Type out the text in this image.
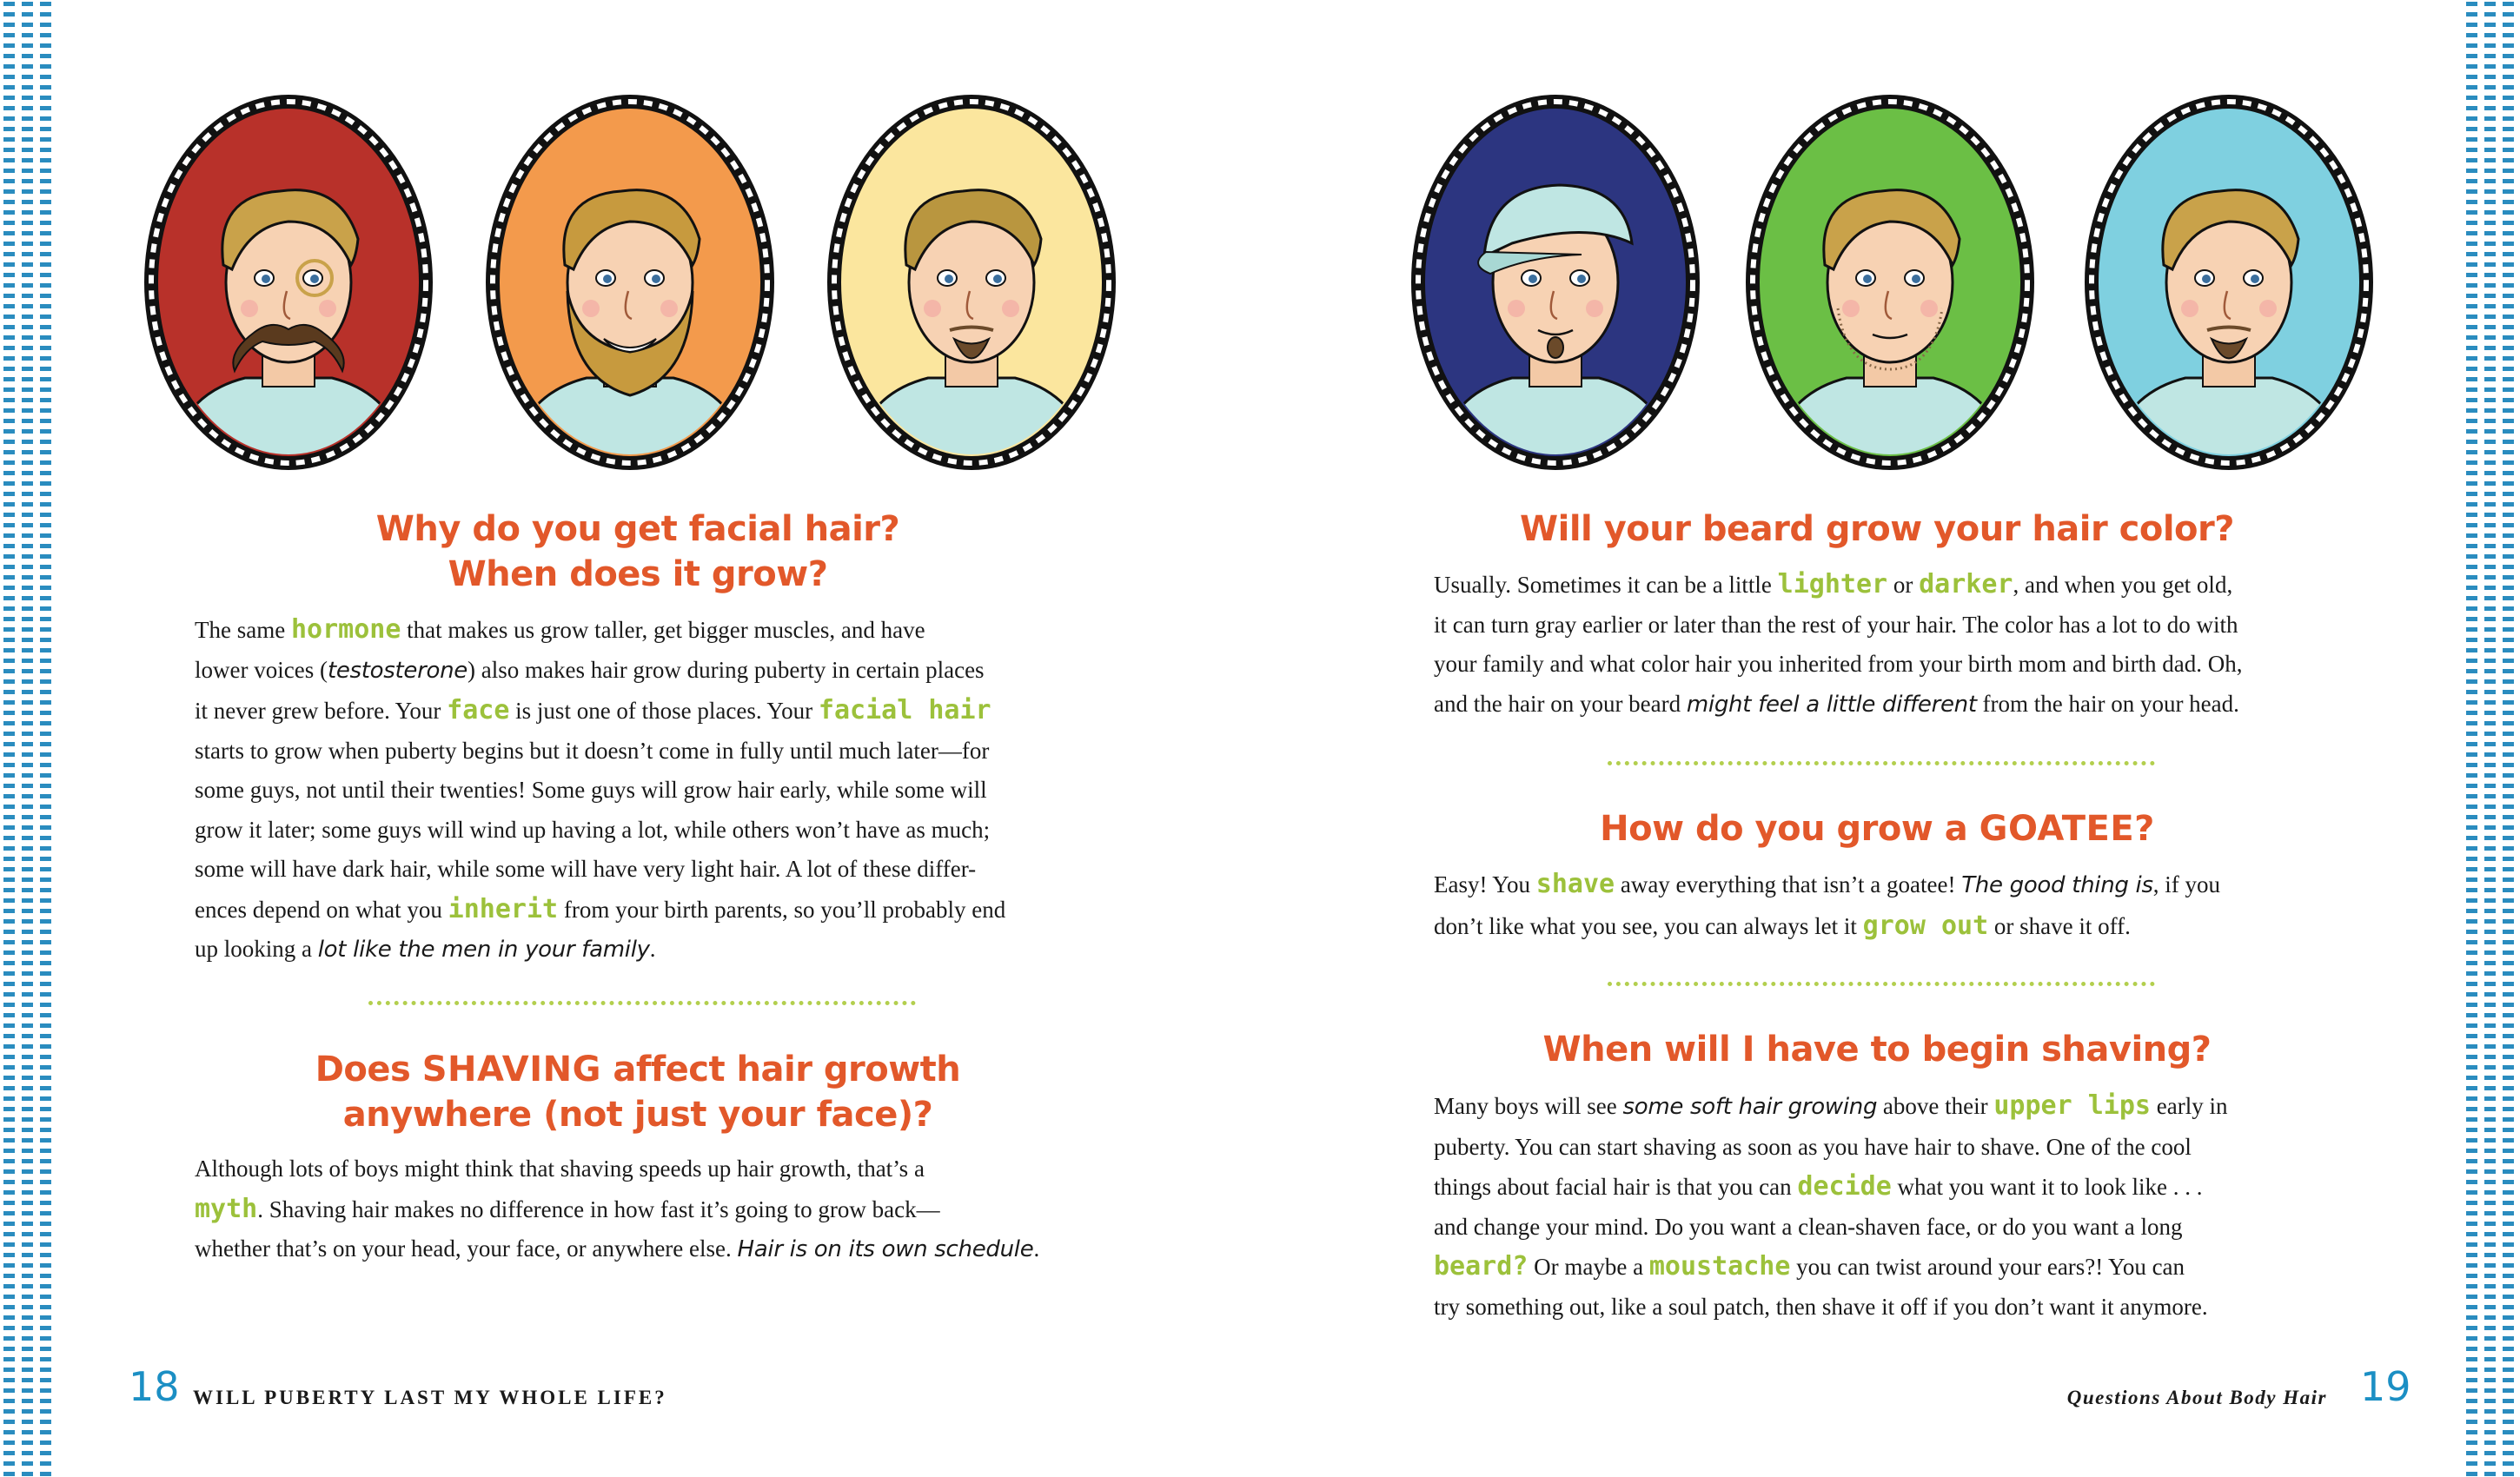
Why do you get facial hair?
When does it grow?
The same hormone that makes us grow taller, get bigger muscles, and have
lower voices (testosterone) also makes hair grow during puberty in certain places
it never grew before. Your face is just one of those places. Your facial hair
starts to grow when puberty begins but it doesn’t come in fully until much later—for
some guys, not until their twenties! Some guys will grow hair early, while some will
grow it later; some guys will wind up having a lot, while others won’t have as much;
some will have dark hair, while some will have very light hair. A lot of these differ-
ences depend on what you inherit from your birth parents, so you’ll probably end
up looking a lot like the men in your family.
Does SHAVING affect hair growth
anywhere (not just your face)?
Although lots of boys might think that shaving speeds up hair growth, that’s a
myth. Shaving hair makes no difference in how fast it’s going to grow back—
whether that’s on your head, your face, or anywhere else. Hair is on its own schedule.
18 WILL PUBERTY LAST MY WHOLE LIFE?
Will your beard grow your hair color?
Usually. Sometimes it can be a little lighter or darker, and when you get old,
it can turn gray earlier or later than the rest of your hair. The color has a lot to do with
your family and what color hair you inherited from your birth mom and birth dad. Oh,
and the hair on your beard might feel a little different from the hair on your head.
How do you grow a GOATEE?
Easy! You shave away everything that isn’t a goatee! The good thing is, if you
don’t like what you see, you can always let it grow out or shave it off.
When will I have to begin shaving?
Many boys will see some soft hair growing above their upper lips early in
puberty. You can start shaving as soon as you have hair to shave. One of the cool
things about facial hair is that you can decide what you want it to look like . . .
and change your mind. Do you want a clean-shaven face, or do you want a long
beard? Or maybe a moustache you can twist around your ears?! You can
try something out, like a soul patch, then shave it off if you don’t want it anymore.
Questions About Body Hair 19
